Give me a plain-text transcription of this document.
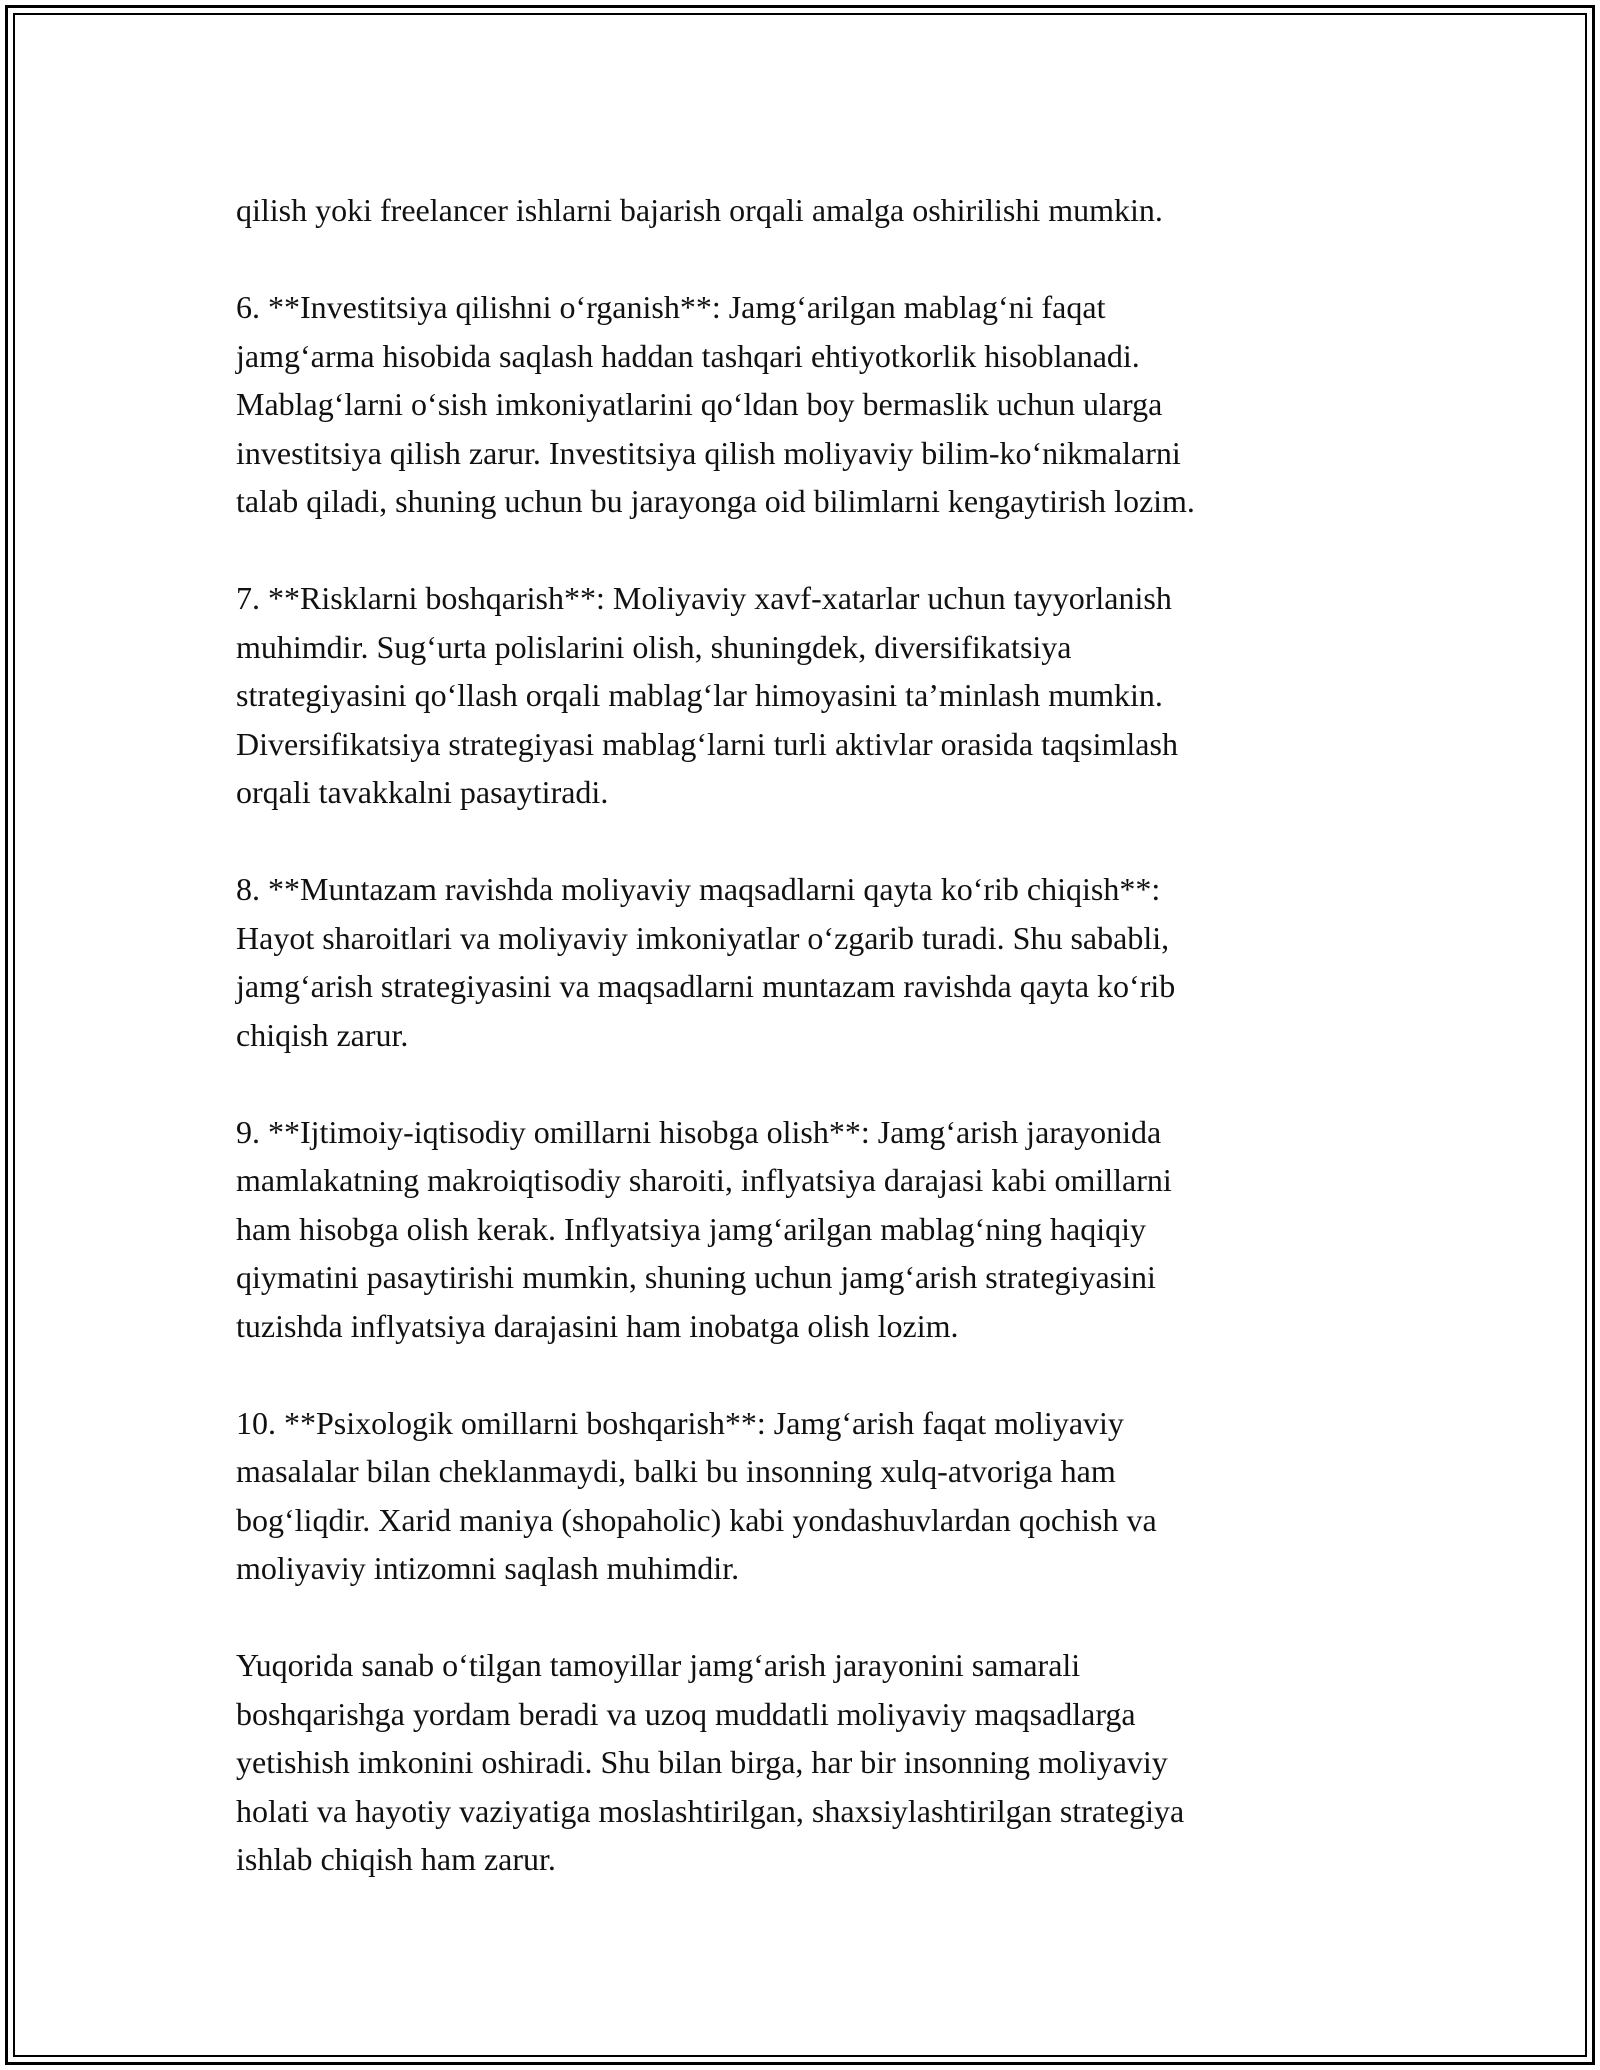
qilish yoki freelancer ishlarni bajarish orqali amalga oshirilishi mumkin.
6. **Investitsiya qilishni o‘rganish**: Jamg‘arilgan mablag‘ni faqat
jamg‘arma hisobida saqlash haddan tashqari ehtiyotkorlik hisoblanadi.
Mablag‘larni o‘sish imkoniyatlarini qo‘ldan boy bermaslik uchun ularga
investitsiya qilish zarur. Investitsiya qilish moliyaviy bilim-ko‘nikmalarni
talab qiladi, shuning uchun bu jarayonga oid bilimlarni kengaytirish lozim.
7. **Risklarni boshqarish**: Moliyaviy xavf-xatarlar uchun tayyorlanish
muhimdir. Sug‘urta polislarini olish, shuningdek, diversifikatsiya
strategiyasini qo‘llash orqali mablag‘lar himoyasini ta’minlash mumkin.
Diversifikatsiya strategiyasi mablag‘larni turli aktivlar orasida taqsimlash
orqali tavakkalni pasaytiradi.
8. **Muntazam ravishda moliyaviy maqsadlarni qayta ko‘rib chiqish**:
Hayot sharoitlari va moliyaviy imkoniyatlar o‘zgarib turadi. Shu sababli,
jamg‘arish strategiyasini va maqsadlarni muntazam ravishda qayta ko‘rib
chiqish zarur.
9. **Ijtimoiy-iqtisodiy omillarni hisobga olish**: Jamg‘arish jarayonida
mamlakatning makroiqtisodiy sharoiti, inflyatsiya darajasi kabi omillarni
ham hisobga olish kerak. Inflyatsiya jamg‘arilgan mablag‘ning haqiqiy
qiymatini pasaytirishi mumkin, shuning uchun jamg‘arish strategiyasini
tuzishda inflyatsiya darajasini ham inobatga olish lozim.
10. **Psixologik omillarni boshqarish**: Jamg‘arish faqat moliyaviy
masalalar bilan cheklanmaydi, balki bu insonning xulq-atvoriga ham
bog‘liqdir. Xarid maniya (shopaholic) kabi yondashuvlardan qochish va
moliyaviy intizomni saqlash muhimdir.
Yuqorida sanab o‘tilgan tamoyillar jamg‘arish jarayonini samarali
boshqarishga yordam beradi va uzoq muddatli moliyaviy maqsadlarga
yetishish imkonini oshiradi. Shu bilan birga, har bir insonning moliyaviy
holati va hayotiy vaziyatiga moslashtirilgan, shaxsiylashtirilgan strategiya
ishlab chiqish ham zarur.
